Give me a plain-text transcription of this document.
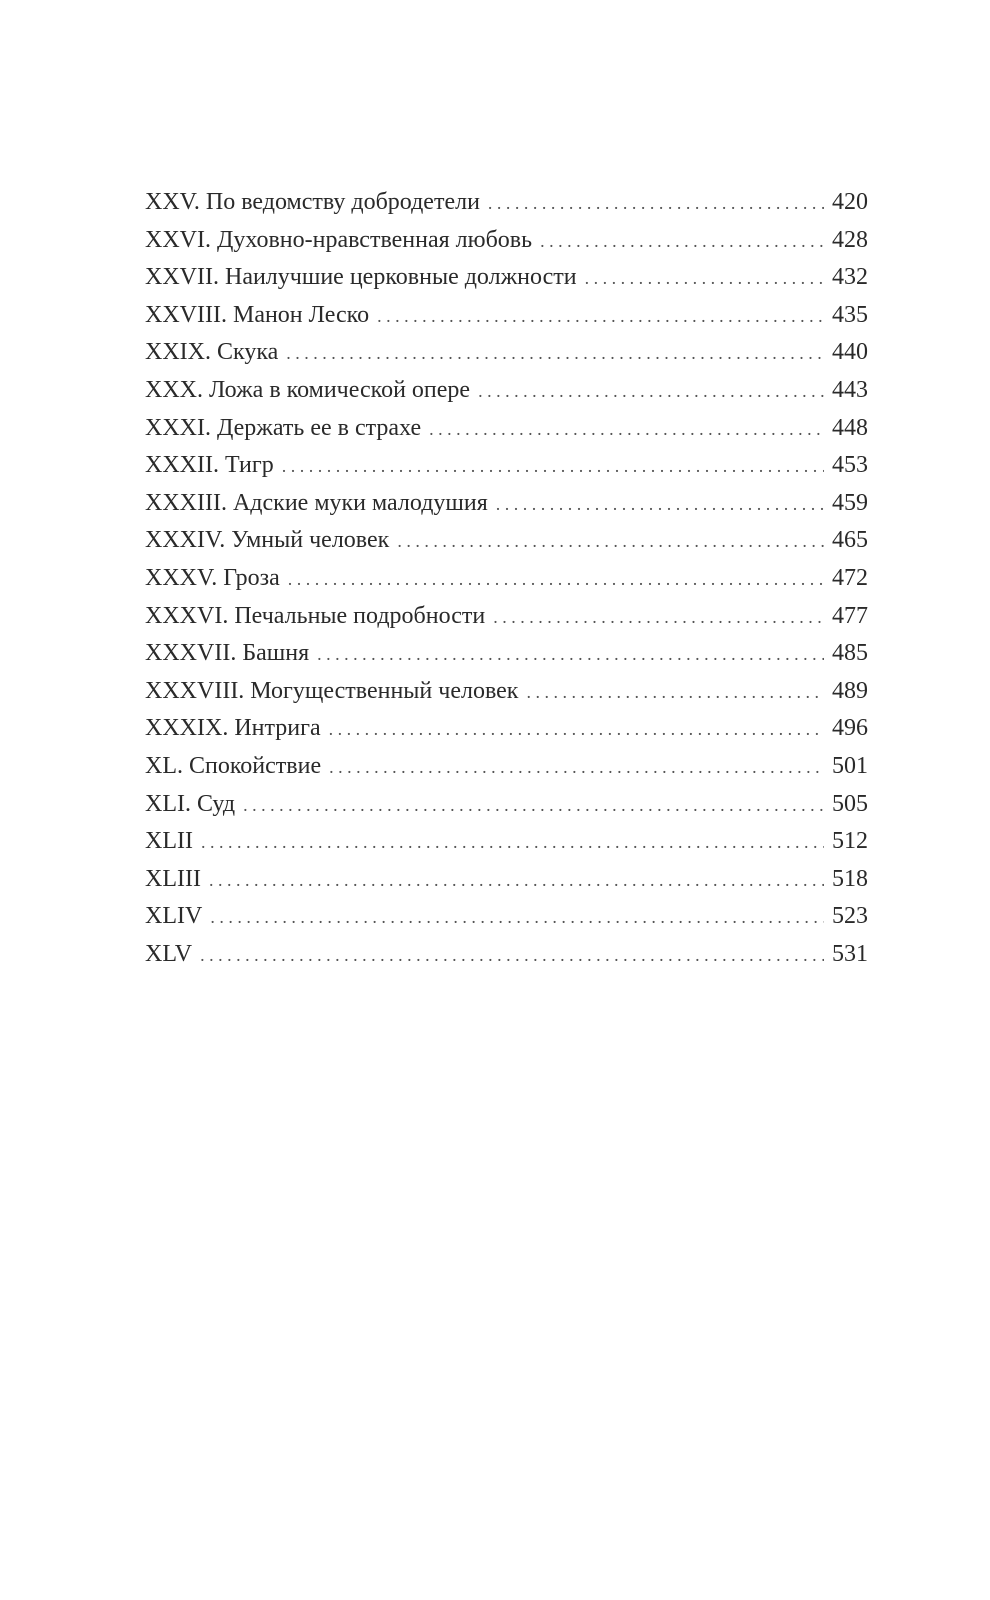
XXV. По ведомству добродетели . . .	420
XXVI. Духовно-нравственная любовь . . .	428
XXVII. Наилучшие церковные должности . . .	432
XXVIII. Манон Леско . . .	435
XXIX. Скука . . .	440
XXX. Ложа в комической опере . . .	443
XXXI. Держать ее в страхе . . .	448
XXXII. Тигр . . .	453
XXXIII. Адские муки малодушия . . .	459
XXXIV. Умный человек . . .	465
XXXV. Гроза . . .	472
XXXVI. Печальные подробности . . .	477
XXXVII. Башня . . .	485
XXXVIII. Могущественный человек . . .	489
XXXIX. Интрига . . .	496
XL. Спокойствие . . .	501
XLI. Суд . . .	505
XLII . . .	512
XLIII . . .	518
XLIV . . .	523
XLV . . .	531
